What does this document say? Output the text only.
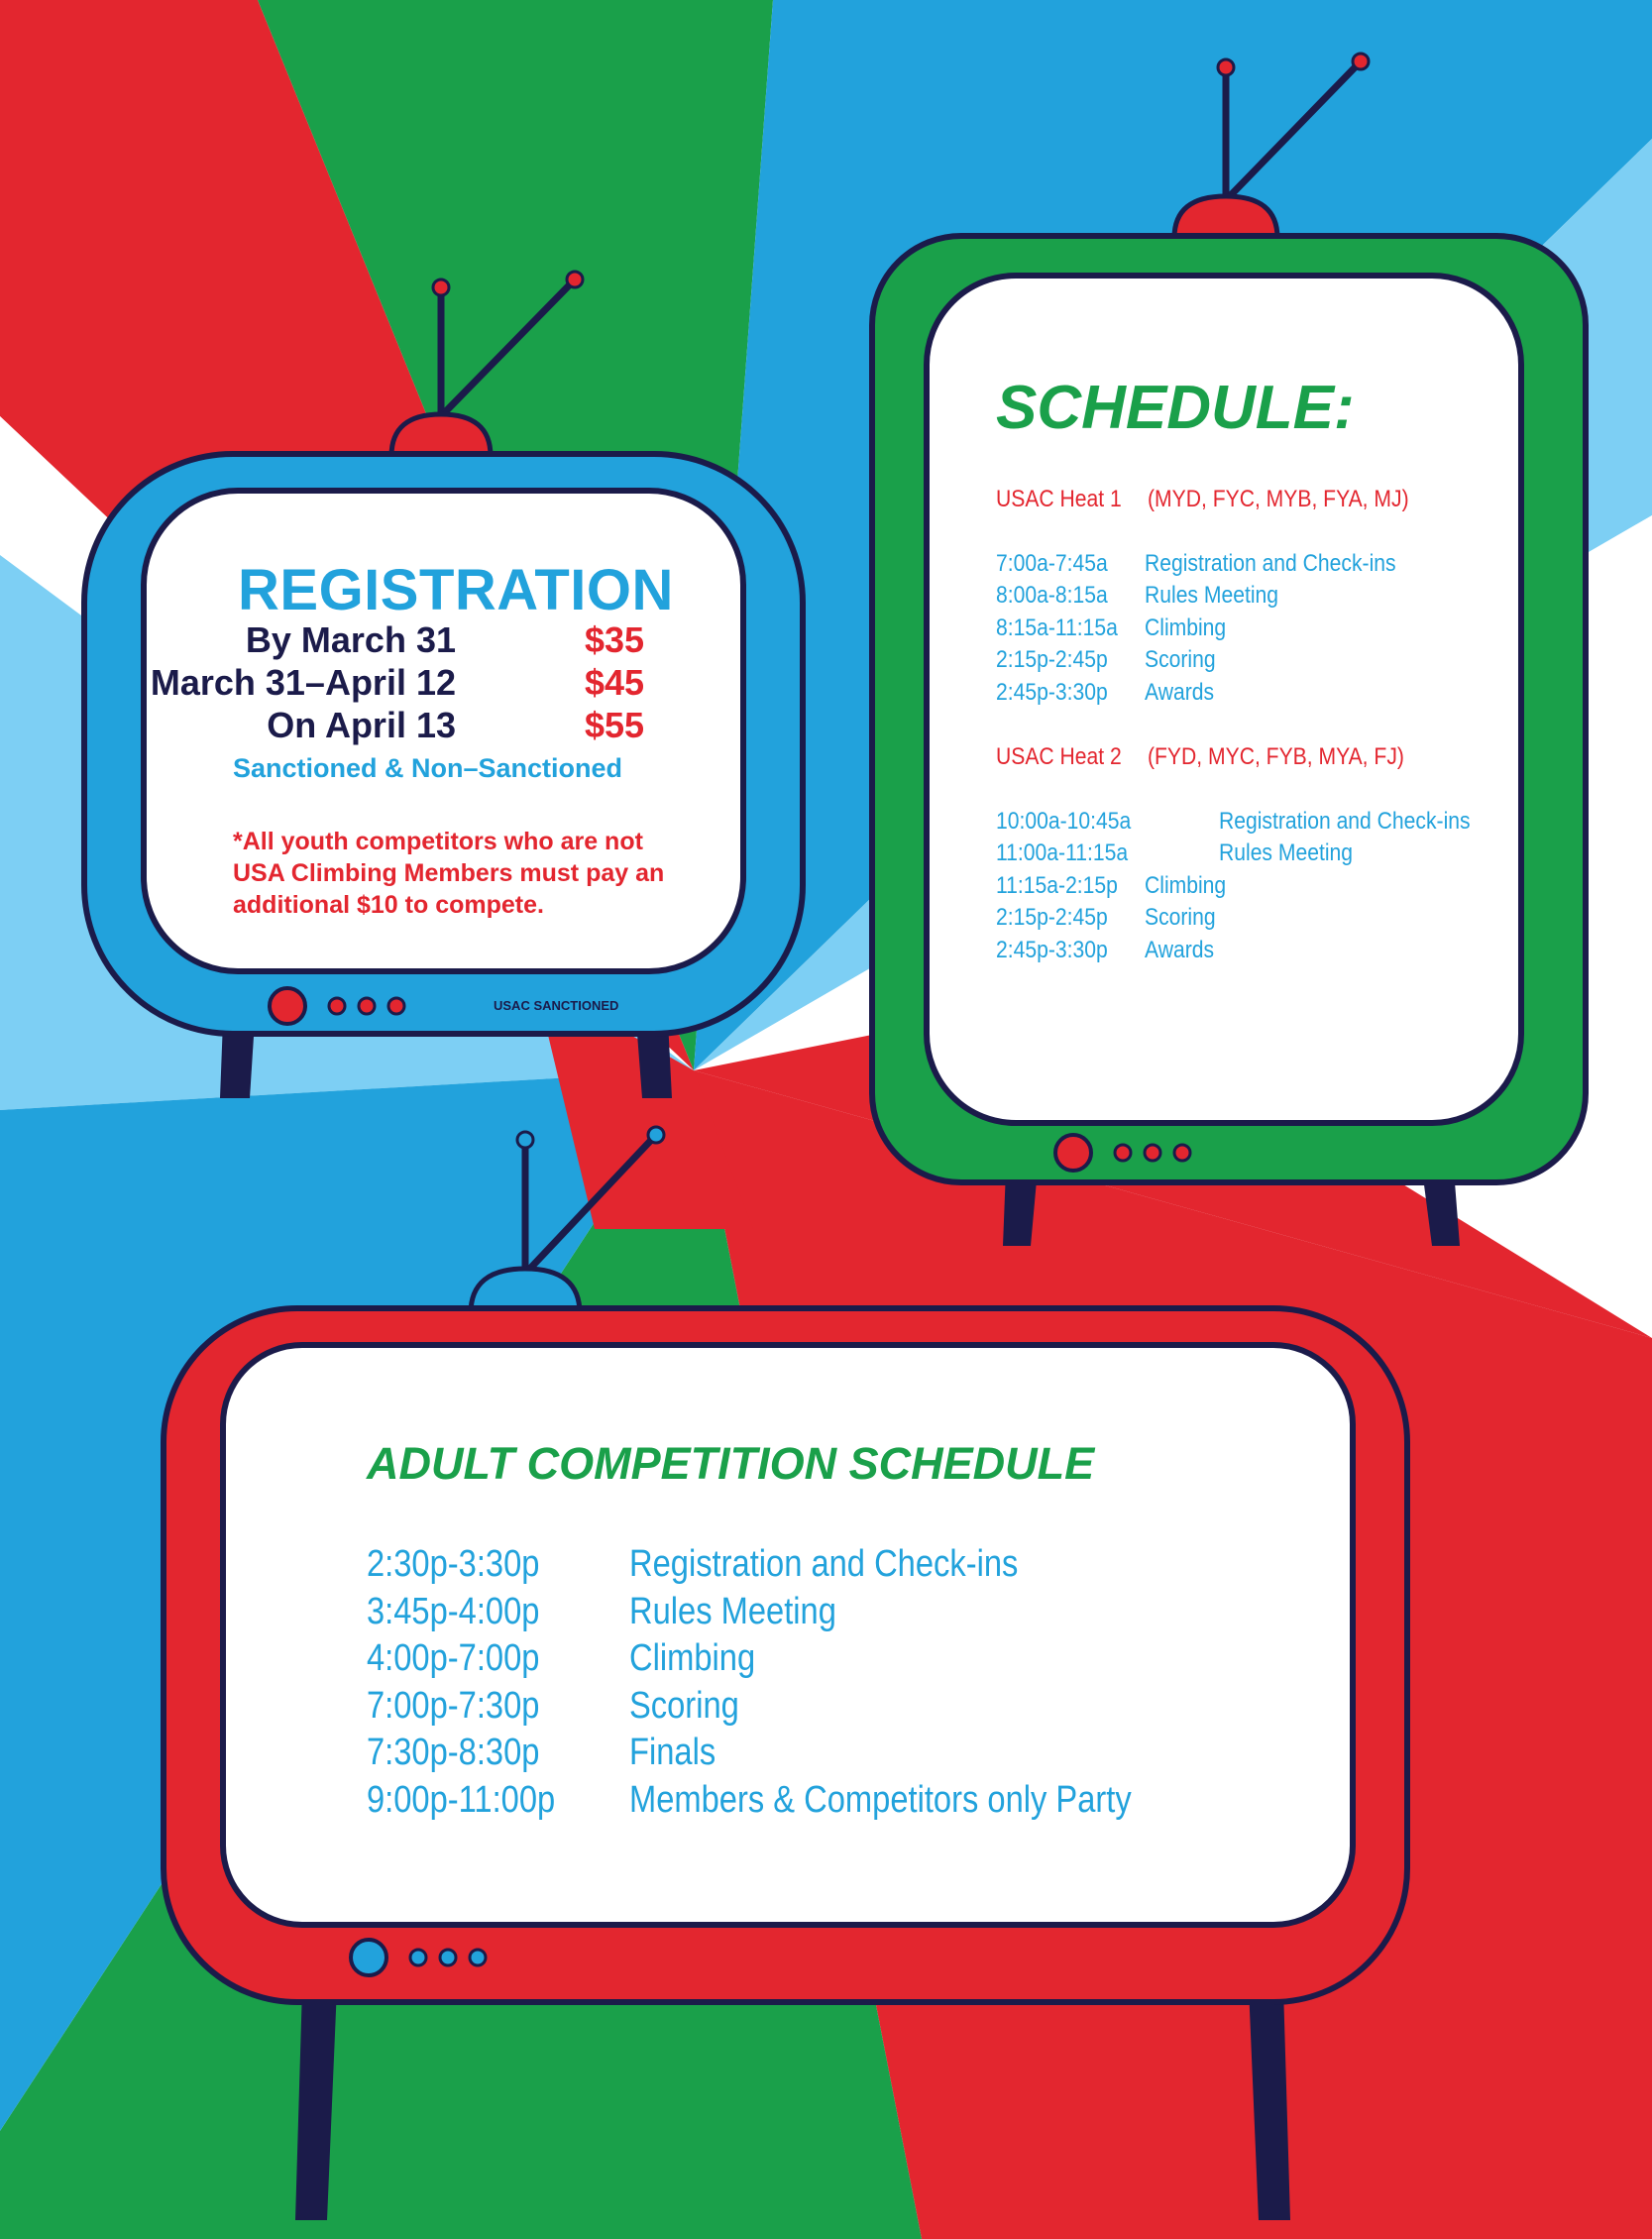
REGISTRATION
By March 31	$35
March 31–April 12	$45
On April 13	$55
Sanctioned & Non–Sanctioned
*All youth competitors who are not USA Climbing Members must pay an additional $10 to compete.
USAC SANCTIONED
SCHEDULE:
USAC Heat 1 (MYD, FYC, MYB, FYA, MJ)
7:00a-7:45a Registration and Check-ins
8:00a-8:15a Rules Meeting
8:15a-11:15a Climbing
2:15p-2:45p Scoring
2:45p-3:30p Awards
USAC Heat 2 (FYD, MYC, FYB, MYA, FJ)
10:00a-10:45a	Registration and Check-ins
11:00a-11:15a	Rules Meeting
11:15a-2:15p Climbing
2:15p-2:45p Scoring
2:45p-3:30p Awards
ADULT COMPETITION SCHEDULE
2:30p-3:30p Registration and Check-ins
3:45p-4:00p Rules Meeting
4:00p-7:00p Climbing
7:00p-7:30p Scoring
7:30p-8:30p Finals
9:00p-11:00p Members & Competitors only Party
